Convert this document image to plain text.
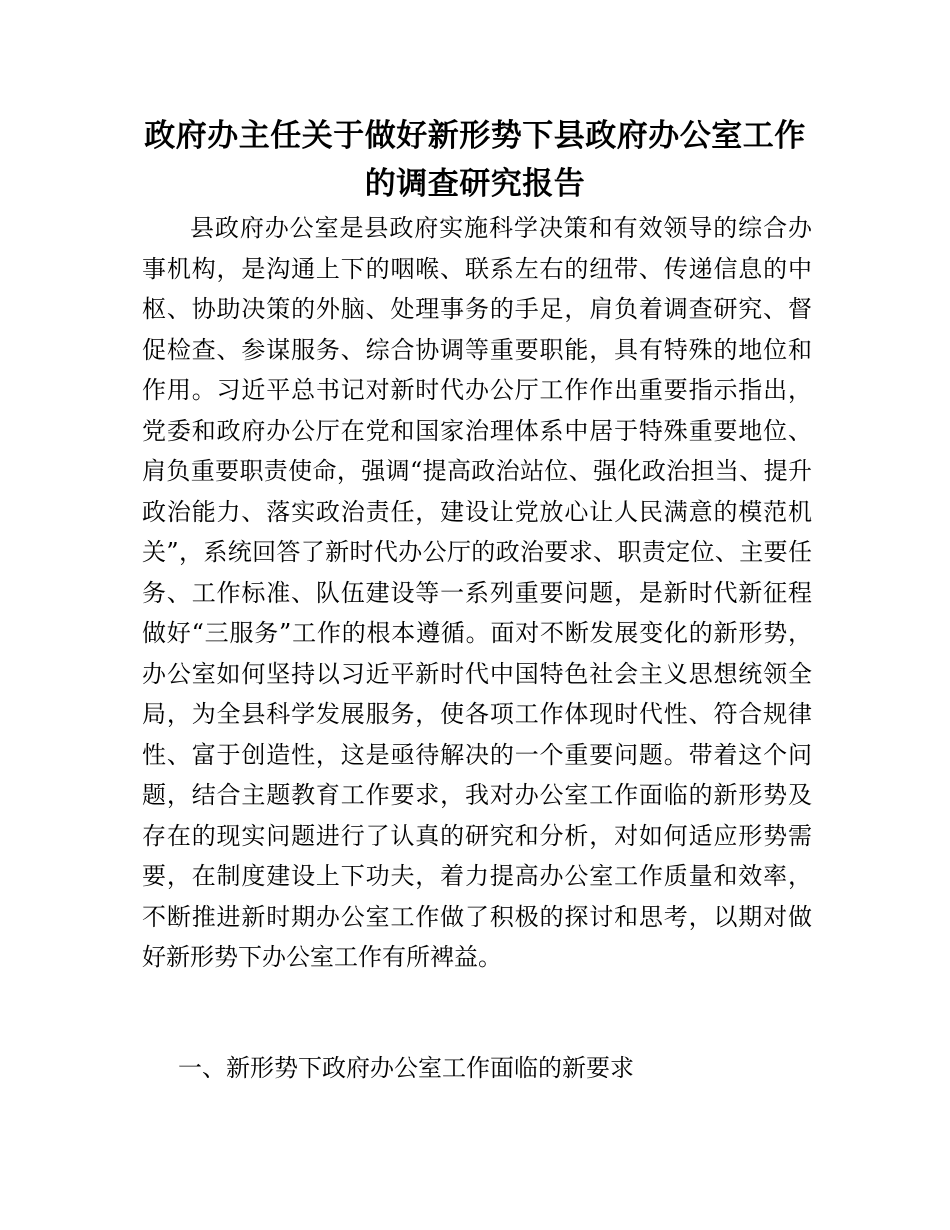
政府办主任关于做好新形势下县政府办公室工作的调查研究报告

县政府办公室是县政府实施科学决策和有效领导的综合办事机构，是沟通上下的咽喉、联系左右的纽带、传递信息的中枢、协助决策的外脑、处理事务的手足，肩负着调查研究、督促检查、参谋服务、综合协调等重要职能，具有特殊的地位和作用。习近平总书记对新时代办公厅工作作出重要指示指出，党委和政府办公厅在党和国家治理体系中居于特殊重要地位、肩负重要职责使命，强调“提高政治站位、强化政治担当、提升政治能力、落实政治责任，建设让党放心让人民满意的模范机关”，系统回答了新时代办公厅的政治要求、职责定位、主要任务、工作标准、队伍建设等一系列重要问题，是新时代新征程做好“三服务”工作的根本遵循。面对不断发展变化的新形势，办公室如何坚持以习近平新时代中国特色社会主义思想统领全局，为全县科学发展服务，使各项工作体现时代性、符合规律性、富于创造性，这是亟待解决的一个重要问题。带着这个问题，结合主题教育工作要求，我对办公室工作面临的新形势及存在的现实问题进行了认真的研究和分析，对如何适应形势需要，在制度建设上下功夫，着力提高办公室工作质量和效率，不断推进新时期办公室工作做了积极的探讨和思考，以期对做好新形势下办公室工作有所裨益。

一、新形势下政府办公室工作面临的新要求
